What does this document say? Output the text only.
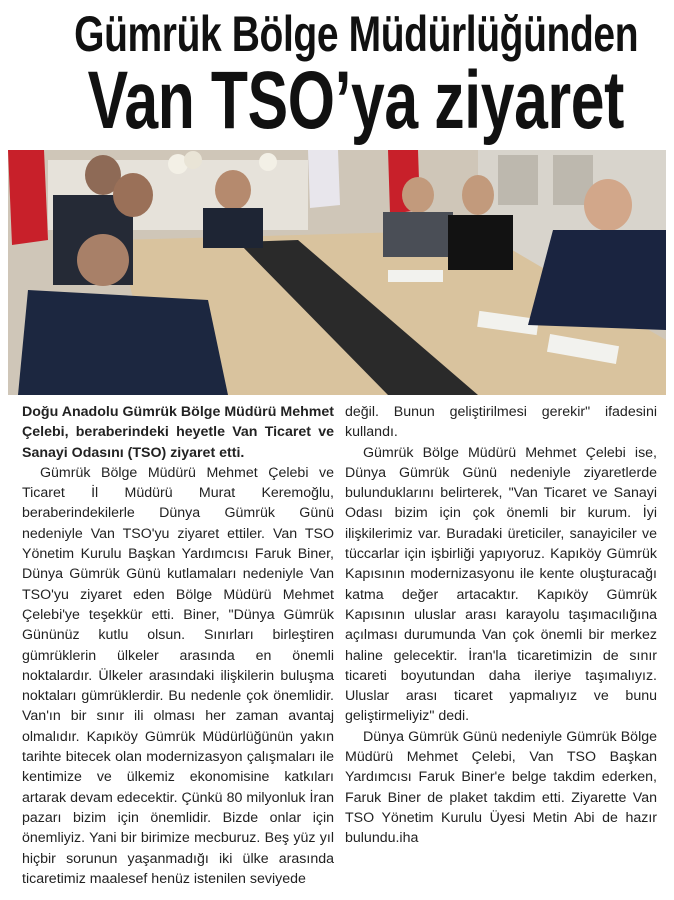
Gümrük Bölge Müdürlüğünden
Van TSO’ya ziyaret

Doğu Anadolu Gümrük Bölge Müdürü Mehmet Çelebi, beraberindeki heyetle Van Ticaret ve Sanayi Odasını (TSO) ziyaret etti.

Gümrük Bölge Müdürü Mehmet Çelebi ve Ticaret İl Müdürü Murat Keremoğlu, beraberindekilerle Dünya Gümrük Günü nedeniyle Van TSO'yu ziyaret ettiler. Van TSO Yönetim Kurulu Başkan Yardımcısı Faruk Biner, Dünya Gümrük Günü kutlamaları nedeniyle Van TSO'yu ziyaret eden Bölge Müdürü Mehmet Çelebi'ye teşekkür etti. Biner, "Dünya Gümrük Gününüz kutlu olsun. Sınırları birleştiren gümrüklerin ülkeler arasında en önemli noktalardır. Ülkeler arasındaki ilişkilerin buluşma noktaları gümrüklerdir. Bu nedenle çok önemlidir. Van'ın bir sınır ili olması her zaman avantaj olmalıdır. Kapıköy Gümrük Müdürlüğünün yakın tarihte bitecek olan modernizasyon çalışmaları ile kentimize ve ülkemiz ekonomisine katkıları artarak devam edecektir. Çünkü 80 milyonluk İran pazarı bizim için önemlidir. Bizde onlar için önemliyiz. Yani bir birimize mecburuz. Beş yüz yıl hiçbir sorunun yaşanmadığı iki ülke arasında ticaretimiz maalesef henüz istenilen seviyede

değil. Bunun geliştirilmesi gerekir" ifadesini kullandı.

Gümrük Bölge Müdürü Mehmet Çelebi ise, Dünya Gümrük Günü nedeniyle ziyaretlerde bulunduklarını belirterek, "Van Ticaret ve Sanayi Odası bizim için çok önemli bir kurum. İyi ilişkilerimiz var. Buradaki üreticiler, sanayiciler ve tüccarlar için işbirliği yapıyoruz. Kapıköy Gümrük Kapısının modernizasyonu ile kente oluşturacağı katma değer artacaktır. Kapıköy Gümrük Kapısının uluslar arası karayolu taşımacılığına açılması durumunda Van çok önemli bir merkez haline gelecektir. İran'la ticaretimizin de sınır ticareti boyutundan daha ileriye taşımalıyız. Uluslar arası ticaret yapmalıyız ve bunu geliştirmeliyiz" dedi.

Dünya Gümrük Günü nedeniyle Gümrük Bölge Müdürü Mehmet Çelebi, Van TSO Başkan Yardımcısı Faruk Biner'e belge takdim ederken, Faruk Biner de plaket takdim etti. Ziyarette Van TSO Yönetim Kurulu Üyesi Metin Abi de hazır bulundu.iha
